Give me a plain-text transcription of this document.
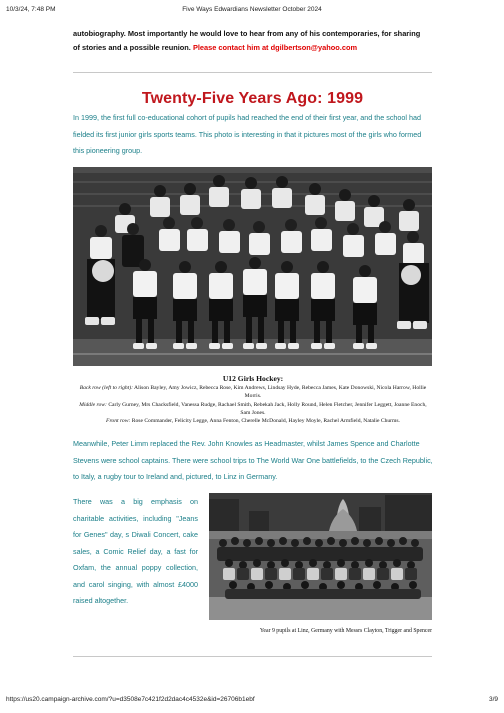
10/3/24, 7:48 PM	Five Ways Edwardians Newsletter October 2024
autobiography. Most importantly he would love to hear from any of his contemporaries, for sharing
of stories and a possible reunion. Please contact him at dgilbertson@yahoo.com
Twenty-Five Years Ago: 1999

In 1999, the first full co-educational cohort of pupils had reached the end of their first year, and the school had fielded its first junior girls sports teams. This photo is interesting in that it pictures most of the girls who formed this pioneering group.

U12 Girls Hockey:
Back row (left to right): Alison Bayley, Amy Jowicz, Rebecca Rose, Kim Andrews, Lindsay Hyde, Rebecca James, Kate Donowski, Nicola Harrow, Hollie Morris.
Middle row: Carly Gurney, Mrs Chacksfield, Vanessa Rudge, Rachael Smith, Rebekah Jack, Holly Round, Helen Fletcher, Jennifer Leggett, Joanne Enoch, Sam Jones.
Front row: Rose Commander, Felicity Legge, Anna Fenton, Cherelle McDonald, Hayley Moyle, Rachel Armfield, Natalie Churms.

Meanwhile, Peter Limm replaced the Rev. John Knowles as Headmaster, whilst James Spence and Charlotte Stevens were school captains. There were school trips to The World War One battlefields, to the Czech Republic, to Italy, a rugby tour to Ireland and, pictured, to Linz in Germany.

There was a big emphasis on charitable activities, including "Jeans for Genes" day, s Diwali Concert, cake sales, a Comic Relief day, a fast for Oxfam, the annual poppy collection, and carol singing, with almost £4000 raised altogether.

Year 9 pupils at Linz, Germany with Messrs Clayton, Trigger and Spencer
https://us20.campaign-archive.com/?u=d3508e7c421f2d2dac4c4532e&id=26706b1ebf	3/9
